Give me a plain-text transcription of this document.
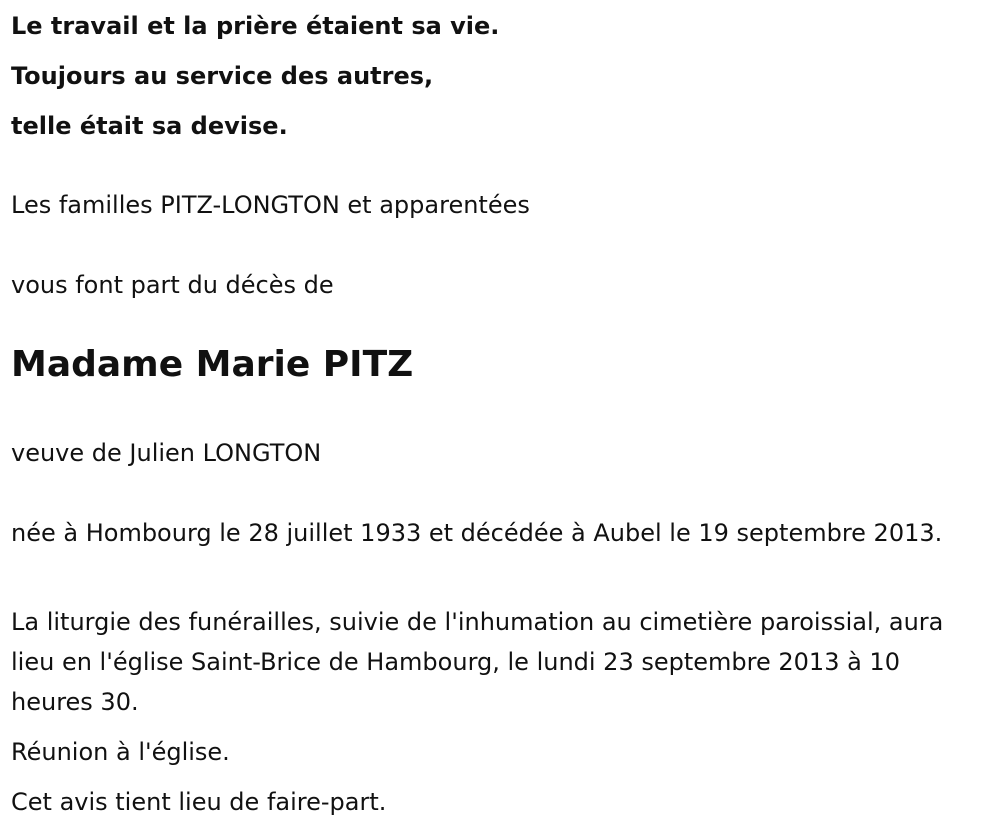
Le travail et la prière étaient sa vie.
Toujours au service des autres,
telle était sa devise.
Les familles PITZ-LONGTON et apparentées
vous font part du décès de
Madame Marie PITZ
veuve de Julien LONGTON
née à Hombourg le 28 juillet 1933 et décédée à Aubel le 19 septembre 2013.
La liturgie des funérailles, suivie de l'inhumation au cimetière paroissial, aura lieu en l'église Saint-Brice de Hambourg, le lundi 23 septembre 2013 à 10 heures 30.
Réunion à l'église.
Cet avis tient lieu de faire-part.
